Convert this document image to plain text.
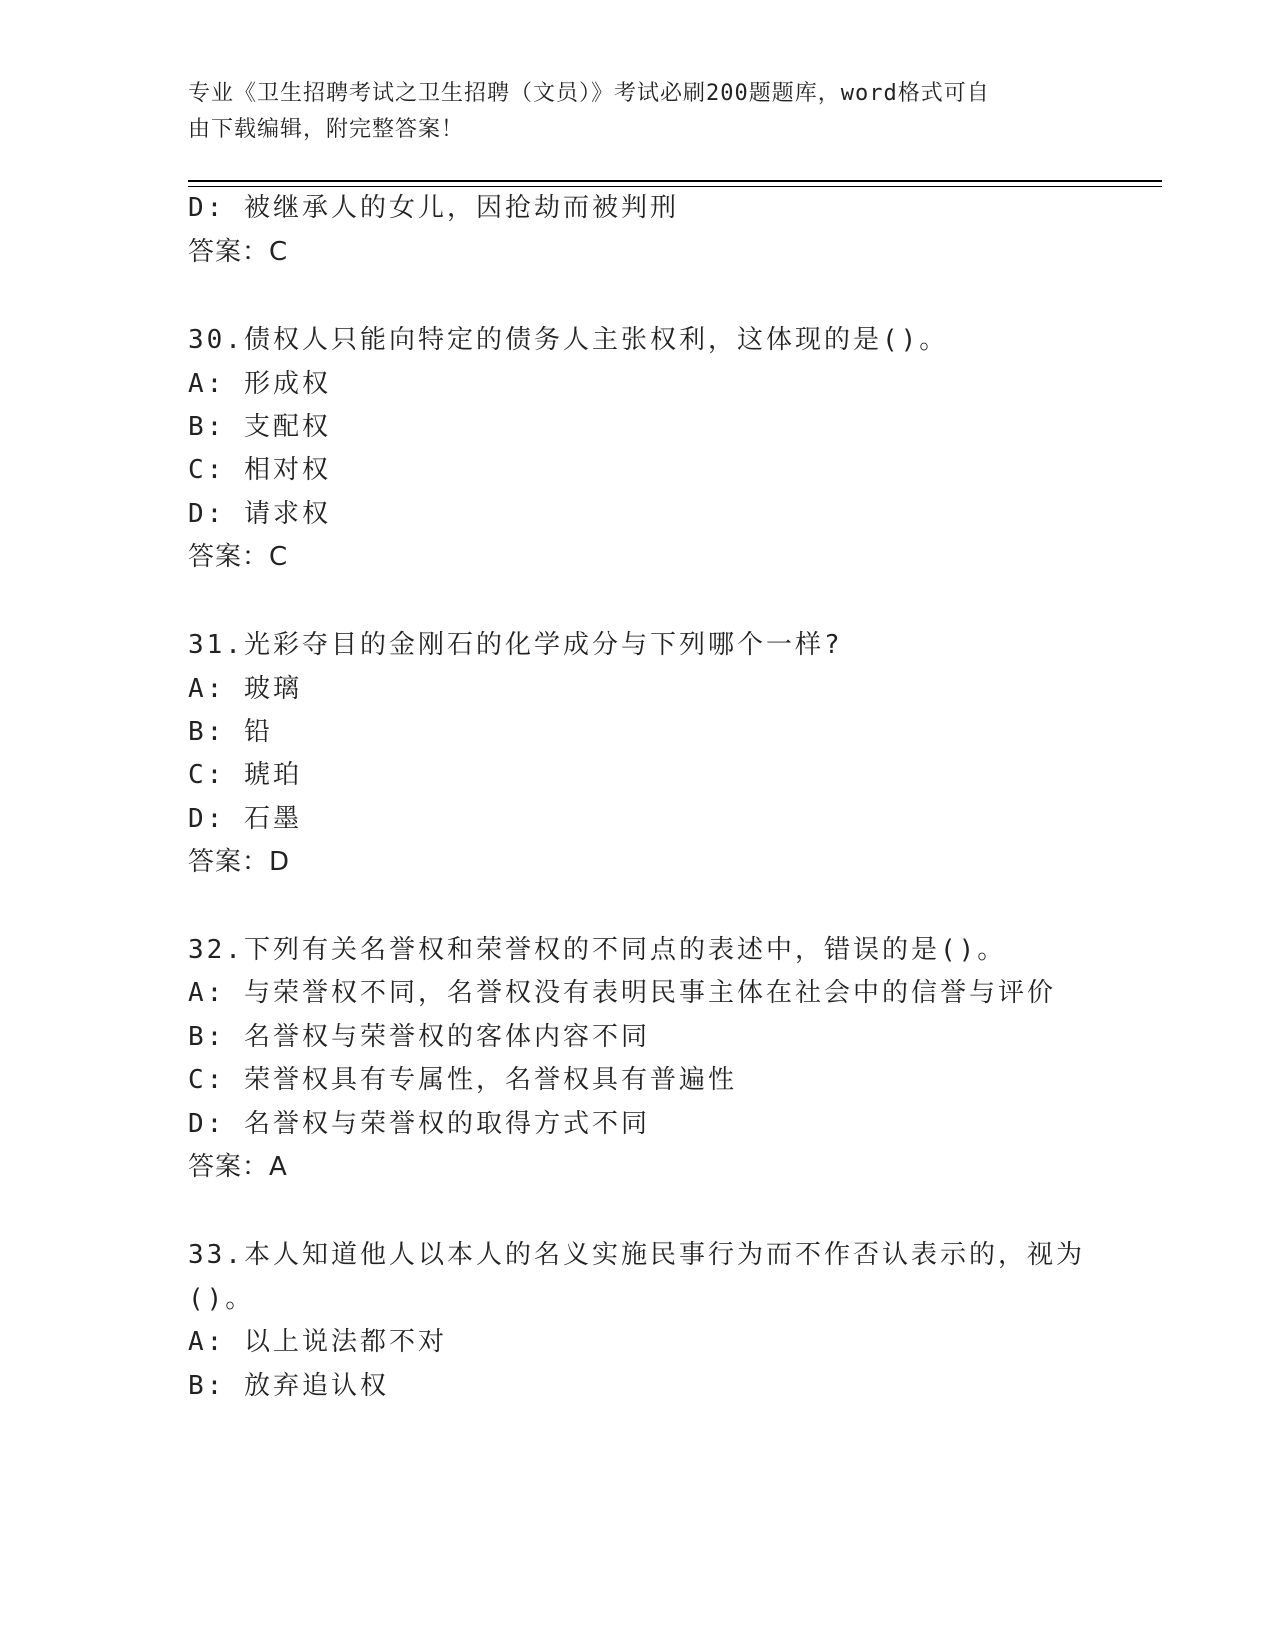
专业《卫生招聘考试之卫生招聘（文员）》考试必刷200题题库，word格式可自
由下载编辑，附完整答案！
D: 被继承人的女儿，因抢劫而被判刑
答案：C
30.债权人只能向特定的债务人主张权利，这体现的是()。
A: 形成权
B: 支配权
C: 相对权
D: 请求权
答案：C
31.光彩夺目的金刚石的化学成分与下列哪个一样?
A: 玻璃
B: 铅
C: 琥珀
D: 石墨
答案：D
32.下列有关名誉权和荣誉权的不同点的表述中，错误的是()。
A: 与荣誉权不同，名誉权没有表明民事主体在社会中的信誉与评价
B: 名誉权与荣誉权的客体内容不同
C: 荣誉权具有专属性，名誉权具有普遍性
D: 名誉权与荣誉权的取得方式不同
答案：A
33.本人知道他人以本人的名义实施民事行为而不作否认表示的，视为
()。
A: 以上说法都不对
B: 放弃追认权
